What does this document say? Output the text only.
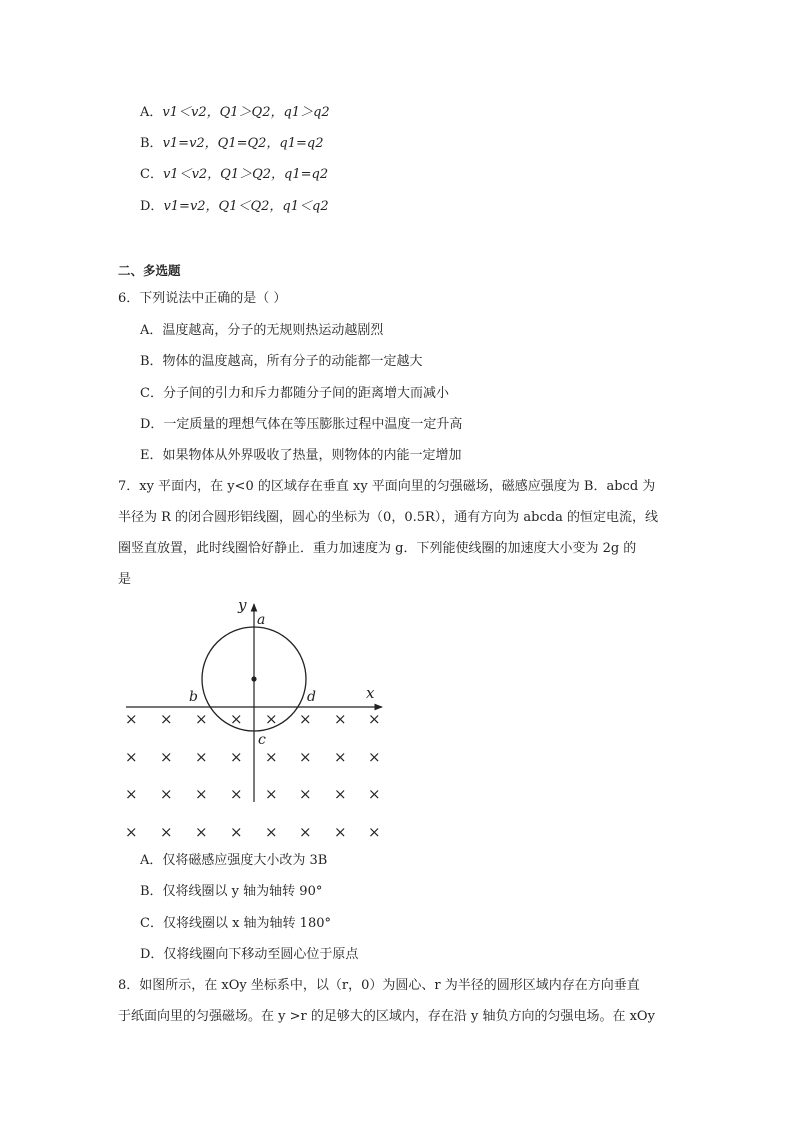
A．v1＜v2，Q1＞Q2，q1＞q2
B．v1=v2，Q1=Q2，q1=q2
C．v1＜v2，Q1＞Q2，q1=q2
D．v1=v2，Q1＜Q2，q1＜q2
二、多选题
6．下列说法中正确的是（ ）
A．温度越高，分子的无规则热运动越剧烈
B．物体的温度越高，所有分子的动能都一定越大
C．分子间的引力和斥力都随分子间的距离增大而减小
D．一定质量的理想气体在等压膨胀过程中温度一定升高
E．如果物体从外界吸收了热量，则物体的内能一定增加
7．xy 平面内，在 y<0 的区域存在垂直 xy 平面向里的匀强磁场，磁感应强度为 B．abcd 为
半径为 R 的闭合圆形铝线圈，圆心的坐标为（0，0.5R），通有方向为 abcda 的恒定电流，线
圈竖直放置，此时线圈恰好静止．重力加速度为 g．下列能使线圈的加速度大小变为 2g 的
是
y
x
a
b
c
d
× × × × × × × ×
× × × × × × × ×
× × × × × × × ×
× × × × × × × ×
A．仅将磁感应强度大小改为 3B
B．仅将线圈以 y 轴为轴转 90°
C．仅将线圈以 x 轴为轴转 180°
D．仅将线圈向下移动至圆心位于原点
8．如图所示，在 xOy 坐标系中，以（r，0）为圆心、r 为半径的圆形区域内存在方向垂直
于纸面向里的匀强磁场。在 y >r 的足够大的区域内，存在沿 y 轴负方向的匀强电场。在 xOy
